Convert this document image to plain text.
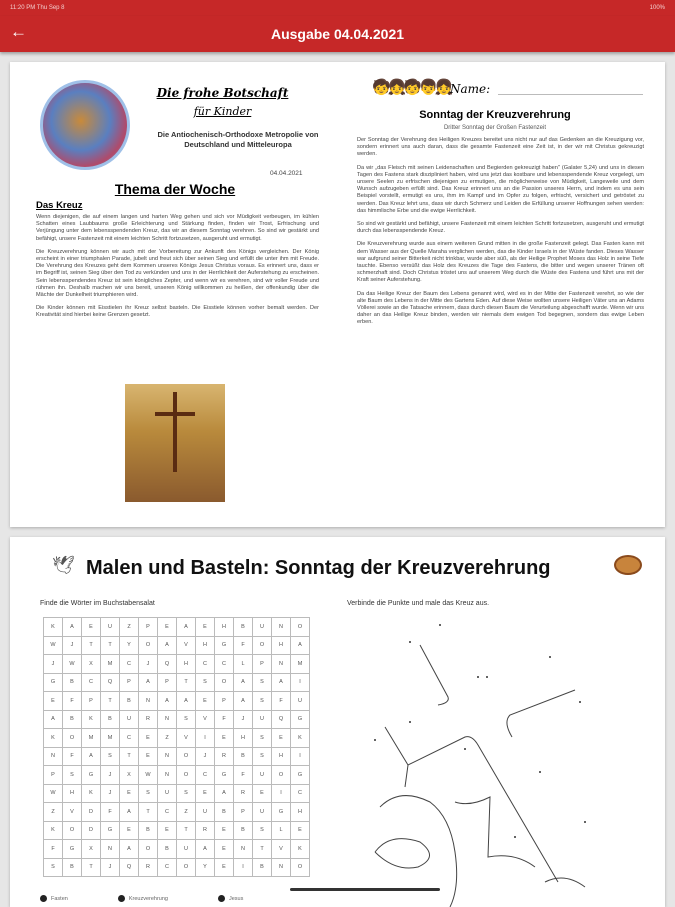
11:20 PM Thu Sep 8	100%
←	Ausgabe 04.04.2021
Die frohe Botschaft
für Kinder
Die Antiochenisch-Orthodoxe Metropolie von Deutschland und Mitteleuropa
04.04.2021
Thema der Woche
Das Kreuz

Wenn diejenigen, die auf einem langen und harten Weg gehen und sich vor Müdigkeit verbeugen, im kühlen Schatten eines Laubbaums große Erleichterung und Stärkung finden, finden wir Trost, Erfrischung und Verjüngung unter dem lebensspendenden Kreuz, das wir an diesem Sonntag verehren. So sind wir gestärkt und befähigt, unsere Fastenzeit mit einem leichten Schritt fortzusetzen, ausgeruht und ermutigt.

Die Kreuzverehrung können wir auch mit der Vorbereitung zur Ankunft des Königs vergleichen. Der König erscheint in einer triumphalen Parade, jubelt und freut sich über seinen Sieg und erfüllt die unter ihm mit Freude. Die Verehrung des Kreuzes geht dem Kommen unseres Königs Jesus Christus voraus. Es erinnert uns, dass er im Begriff ist, seinen Sieg über den Tod zu verkünden und uns in der Herrlichkeit der Auferstehung zu erscheinen. Sein lebensspendendes Kreuz ist sein königliches Zepter, und wenn wir es verehren, sind wir voller Freude und rühmen ihn. Deshalb machen wir uns bereit, unseren König willkommen zu heißen, der offenkundig über die Mächte der Dunkelheit triumphieren wird.

Die Kinder können mit Eisstielen ihr Kreuz selbst basteln. Die Eisstiele können vorher bemalt werden. Der Kreativität sind hierbei keine Grenzen gesetzt.

🧒👧🧒👦👧 Name:
Sonntag der Kreuzverehrung
Dritter Sonntag der Großen Fastenzeit

Der Sonntag der Verehrung des Heiligen Kreuzes bereitet uns nicht nur auf das Gedenken an die Kreuzigung vor, sondern erinnert uns auch daran, dass die gesamte Fastenzeit eine Zeit ist, in der wir mit Christus gekreuzigt werden.

Da wir „das Fleisch mit seinen Leidenschaften und Begierden gekreuzigt haben" (Galater 5,24) und uns in diesen Tagen des Fastens stark diszipliniert haben, wird uns jetzt das kostbare und lebensspendende Kreuz vorgelegt, um unsere Seelen zu erfrischen diejenigen zu ermutigen, die möglicherweise von Müdigkeit, Langeweile und dem Wunsch aufzugeben erfüllt sind. Das Kreuz erinnert uns an die Passion unseres Herrn, und indem es uns sein Beispiel vorstellt, ermutigt es uns, ihm im Kampf und im Opfer zu folgen, erfrischt, versichert und getröstet zu werden. Das Kreuz lehrt uns, dass wir durch Schmerz und Leiden die Erfüllung unserer Hoffnungen sehen werden: das himmlische Erbe und die ewige Herrlichkeit.

So sind wir gestärkt und befähigt, unsere Fastenzeit mit einem leichten Schritt fortzusetzen, ausgeruht und ermutigt durch das lebensspendende Kreuz.

Die Kreuzverehrung wurde aus einem weiteren Grund mitten in die große Fastenzeit gelegt. Das Fasten kann mit dem Wasser aus der Quelle Maraha verglichen werden, das die Kinder Israels in der Wüste fanden. Dieses Wasser war aufgrund seiner Bitterkeit nicht trinkbar, wurde aber süß, als der Heilige Prophet Moses das Holz in seine Tiefe tauchte. Ebenso versüßt das Holz des Kreuzes die Tage des Fastens, die bitter und wegen unserer Tränen oft schmerzhaft sind. Doch Christus tröstet uns auf unserem Weg durch die Wüste des Fastens und führt uns mit der Kraft seiner Auferstehung.

Da das Heilige Kreuz der Baum des Lebens genannt wird, wird es in der Mitte der Fastenzeit verehrt, so wie der alte Baum des Lebens in der Mitte des Gartens Eden. Auf diese Weise wollten unsere Heiligen Väter uns an Adams Völlerei sowie an die Tatsache erinnern, dass durch diesen Baum die Verurteilung abgeschafft wurde. Wenn wir uns daher an das Heilige Kreuz binden, werden wir niemals dem ewigen Tod begegnen, sondern das ewige Leben erben.

🕊 Malen und Basteln: Sonntag der Kreuzverehrung
Finde die Wörter im Buchstabensalat	Verbinde die Punkte und male das Kreuz aus.
K	A	E	U	Z	P	E	A	E	H	B	U	N	O
W	J	T	T	Y	O	A	V	H	G	F	O	H	A
J	W	X	M	C	J	Q	H	C	C	L	P	N	M
G	B	C	Q	P	A	P	T	S	O	A	S	A	I
E	F	P	T	B	N	A	A	E	P	A	S	F	U
A	B	K	B	U	R	N	S	V	F	J	U	Q	G
K	O	M	M	C	E	Z	V	I	E	H	S	E	K
N	F	A	S	T	E	N	O	J	R	B	S	H	I
P	S	G	J	X	W	N	O	C	G	F	U	O	G
W	H	K	J	E	S	U	S	E	A	R	E	I	C
Z	V	D	F	A	T	C	Z	U	B	P	U	G	H
K	O	D	G	E	B	E	T	R	E	B	S	L	E
F	G	X	N	A	O	B	U	A	E	N	T	V	K
S	B	T	J	Q	R	C	O	Y	E	I	B	N	O
Fasten	Kreuzverehrung	Jesus
